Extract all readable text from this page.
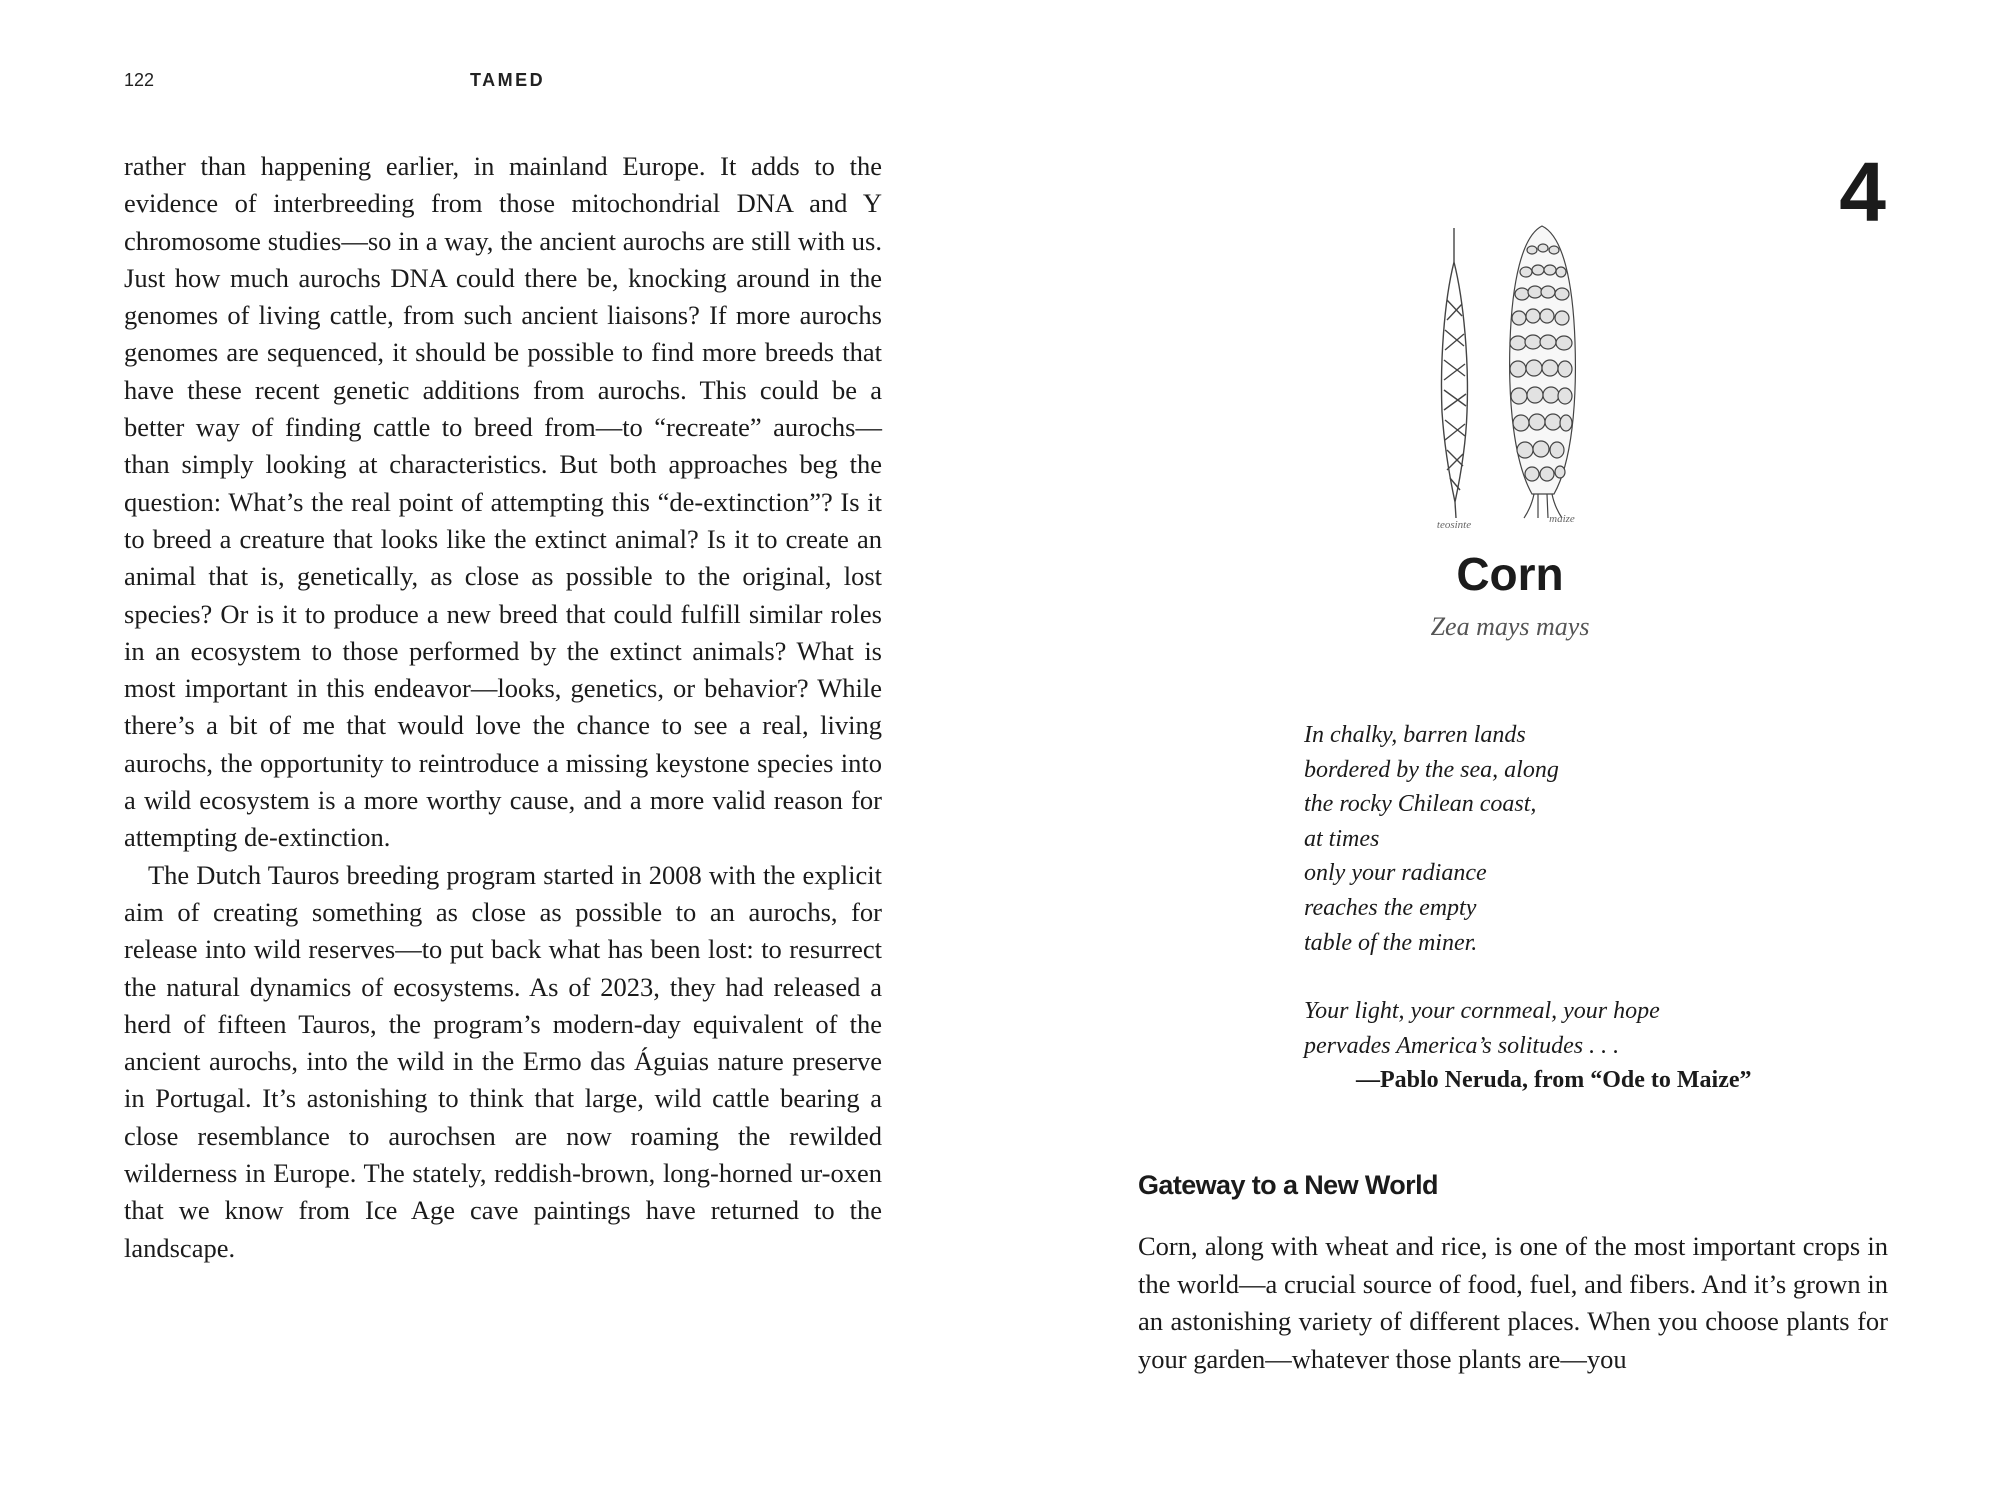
122	TAMED

rather than happening earlier, in mainland Europe. It adds to the evidence of interbreeding from those mitochondrial DNA and Y chromosome studies—so in a way, the ancient aurochs are still with us. Just how much aurochs DNA could there be, knocking around in the genomes of living cattle, from such ancient liaisons? If more aurochs genomes are sequenced, it should be possible to find more breeds that have these recent genetic additions from aurochs. This could be a better way of finding cattle to breed from—to “recreate” aurochs—than simply looking at characteristics. But both approaches beg the question: What’s the real point of attempting this “de-extinction”? Is it to breed a creature that looks like the extinct animal? Is it to create an animal that is, genetically, as close as possible to the original, lost species? Or is it to produce a new breed that could fulfill similar roles in an ecosystem to those performed by the extinct animals? What is most important in this endeavor—looks, genetics, or behavior? While there’s a bit of me that would love the chance to see a real, living aurochs, the opportunity to reintroduce a missing keystone species into a wild ecosystem is a more worthy cause, and a more valid reason for attempting de-extinction.

The Dutch Tauros breeding program started in 2008 with the explicit aim of creating something as close as possible to an aurochs, for release into wild reserves—to put back what has been lost: to resurrect the natural dynamics of ecosystems. As of 2023, they had released a herd of fifteen Tauros, the program’s modern-day equivalent of the ancient aurochs, into the wild in the Ermo das Águias nature preserve in Portugal. It’s astonishing to think that large, wild cattle bearing a close resemblance to aurochsen are now roaming the rewilded wilderness in Europe. The stately, reddish-brown, long-horned ur-oxen that we know from Ice Age cave paintings have returned to the landscape.

4
teosinte	maize
Corn
Zea mays mays
In chalky, barren lands
bordered by the sea, along
the rocky Chilean coast,
at times
only your radiance
reaches the empty
table of the miner.
Your light, your cornmeal, your hope
pervades America’s solitudes . . .
—Pablo Neruda, from “Ode to Maize”
Gateway to a New World

Corn, along with wheat and rice, is one of the most important crops in the world—a crucial source of food, fuel, and fibers. And it’s grown in an astonishing variety of different places. When you choose plants for your garden—whatever those plants are—you
